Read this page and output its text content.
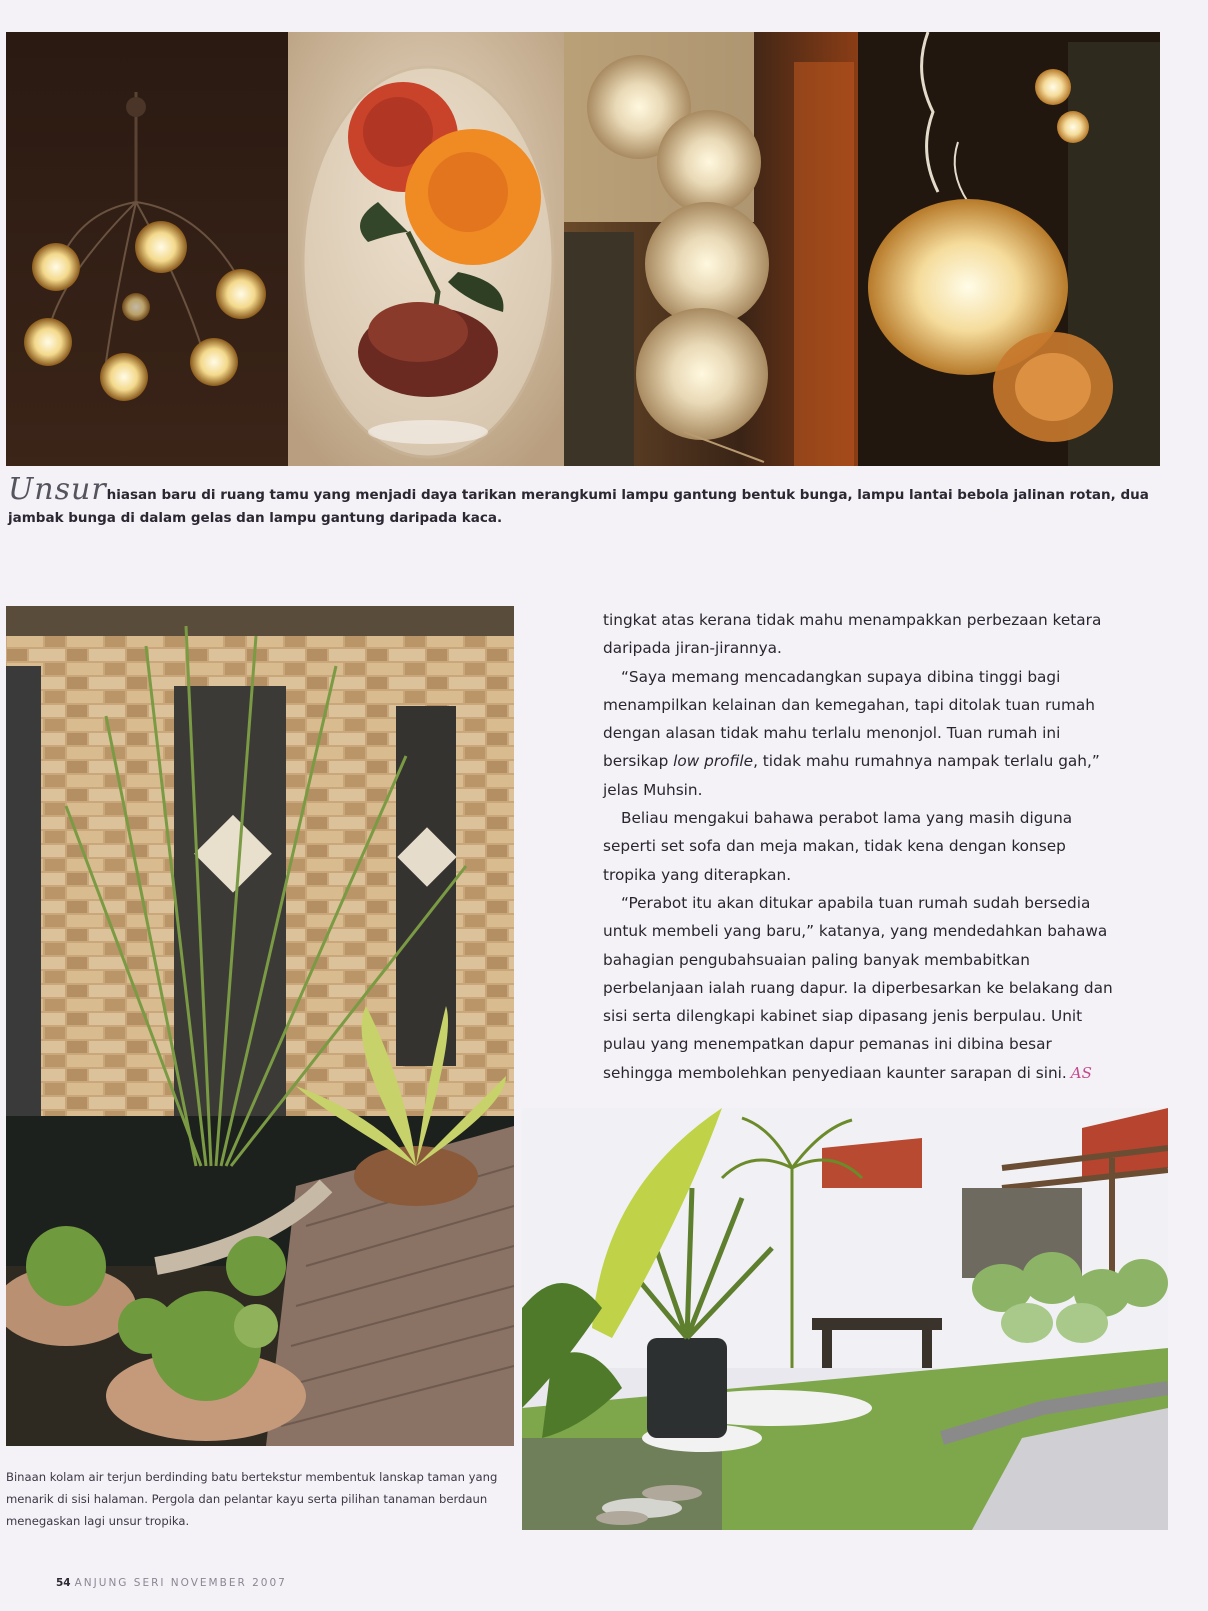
Unsurhiasan baru di ruang tamu yang menjadi daya tarikan merangkumi lampu gantung bentuk bunga, lampu lantai bebola jalinan rotan, dua jambak bunga di dalam gelas dan lampu gantung daripada kaca.

tingkat atas kerana tidak mahu menampakkan perbezaan ketara daripada jiran-jirannya.

“Saya memang mencadangkan supaya dibina tinggi bagi menampilkan kelainan dan kemegahan, tapi ditolak tuan rumah dengan alasan tidak mahu terlalu menonjol. Tuan rumah ini bersikap low profile, tidak mahu rumahnya nampak terlalu gah,” jelas Muhsin.

Beliau mengakui bahawa perabot lama yang masih diguna seperti set sofa dan meja makan, tidak kena dengan konsep tropika yang diterapkan.

“Perabot itu akan ditukar apabila tuan rumah sudah bersedia untuk membeli yang baru,” katanya, yang mendedahkan bahawa bahagian pengubahsuaian paling banyak membabitkan perbelanjaan ialah ruang dapur. Ia diperbesarkan ke belakang dan sisi serta dilengkapi kabinet siap dipasang jenis berpulau. Unit pulau yang menempatkan dapur pemanas ini dibina besar sehingga membolehkan penyediaan kaunter sarapan di sini. AS

Binaan kolam air terjun berdinding batu bertekstur membentuk lanskap taman yang menarik di sisi halaman. Pergola dan pelantar kayu serta pilihan tanaman berdaun menegaskan lagi unsur tropika.
54 ANJUNG SERI NOVEMBER 2007
